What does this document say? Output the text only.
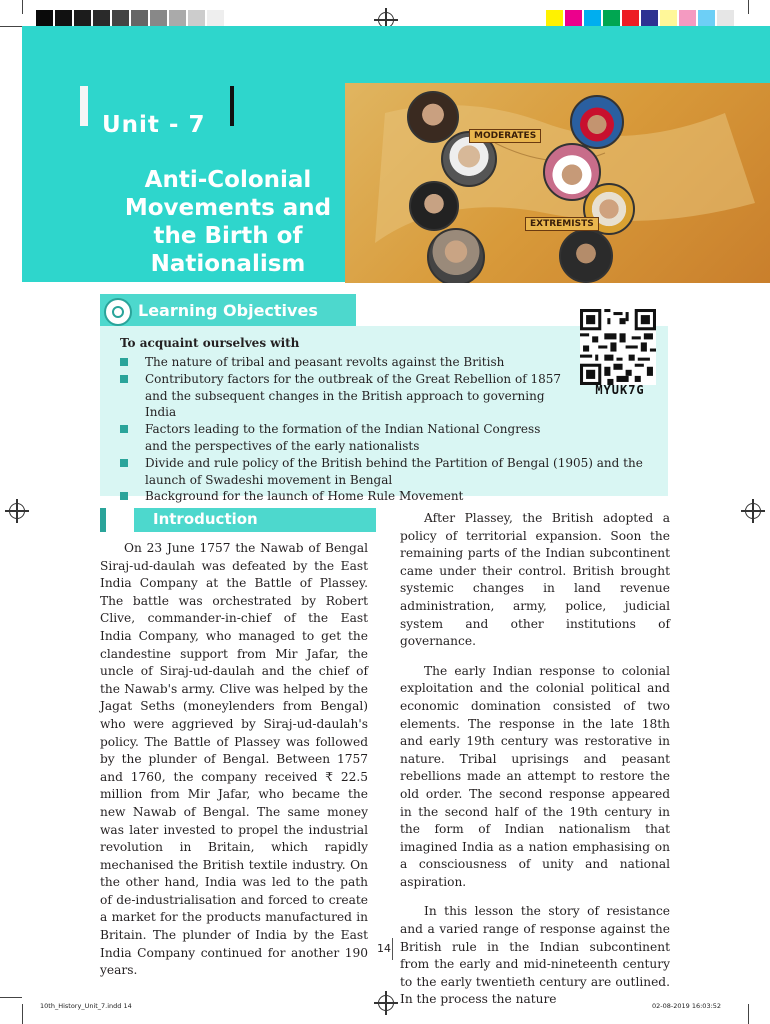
Unit - 7
Anti-Colonial Movements and the Birth of Nationalism
MODERATES
EXTREMISTS
Learning Objectives
To acquaint ourselves with
The nature of tribal and peasant revolts against the British
Contributory factors for the outbreak of the Great Rebellion of 1857 and the subsequent changes in the British approach to governing India
Factors leading to the formation of the Indian National Congress and the perspectives of the early nationalists
Divide and rule policy of the British behind the Partition of Bengal (1905) and the launch of Swadeshi movement in Bengal
Background for the launch of Home Rule Movement
MYUK7G
Introduction

On 23 June 1757 the Nawab of Bengal Siraj-ud-daulah was defeated by the East India Company at the Battle of Plassey. The battle was orchestrated by Robert Clive, commander-in-chief of the East India Company, who managed to get the clandestine support from Mir Jafar, the uncle of Siraj-ud-daulah and the chief of the Nawab's army. Clive was helped by the Jagat Seths (moneylenders from Bengal) who were aggrieved by Siraj-ud-daulah's policy. The Battle of Plassey was followed by the plunder of Bengal. Between 1757 and 1760, the company received ₹ 22.5 million from Mir Jafar, who became the new Nawab of Bengal. The same money was later invested to propel the industrial revolution in Britain, which rapidly mechanised the British textile industry. On the other hand, India was led to the path of de-industrialisation and forced to create a market for the products manufactured in Britain. The plunder of India by the East India Company continued for another 190 years.

After Plassey, the British adopted a policy of territorial expansion. Soon the remaining parts of the Indian subcontinent came under their control. British brought systemic changes in land revenue administration, army, police, judicial system and other institutions of governance.

The early Indian response to colonial exploitation and the colonial political and economic domination consisted of two elements. The response in the late 18th and early 19th century was restorative in nature. Tribal uprisings and peasant rebellions made an attempt to restore the old order. The second response appeared in the second half of the 19th century in the form of Indian nationalism that imagined India as a nation emphasising on a consciousness of unity and national aspiration.

In this lesson the story of resistance and a varied range of response against the British rule in the Indian subcontinent from the early and mid-nineteenth century to the early twentieth century are outlined. In the process the nature

14
10th_History_Unit_7.indd 14	02-08-2019 16:03:52
